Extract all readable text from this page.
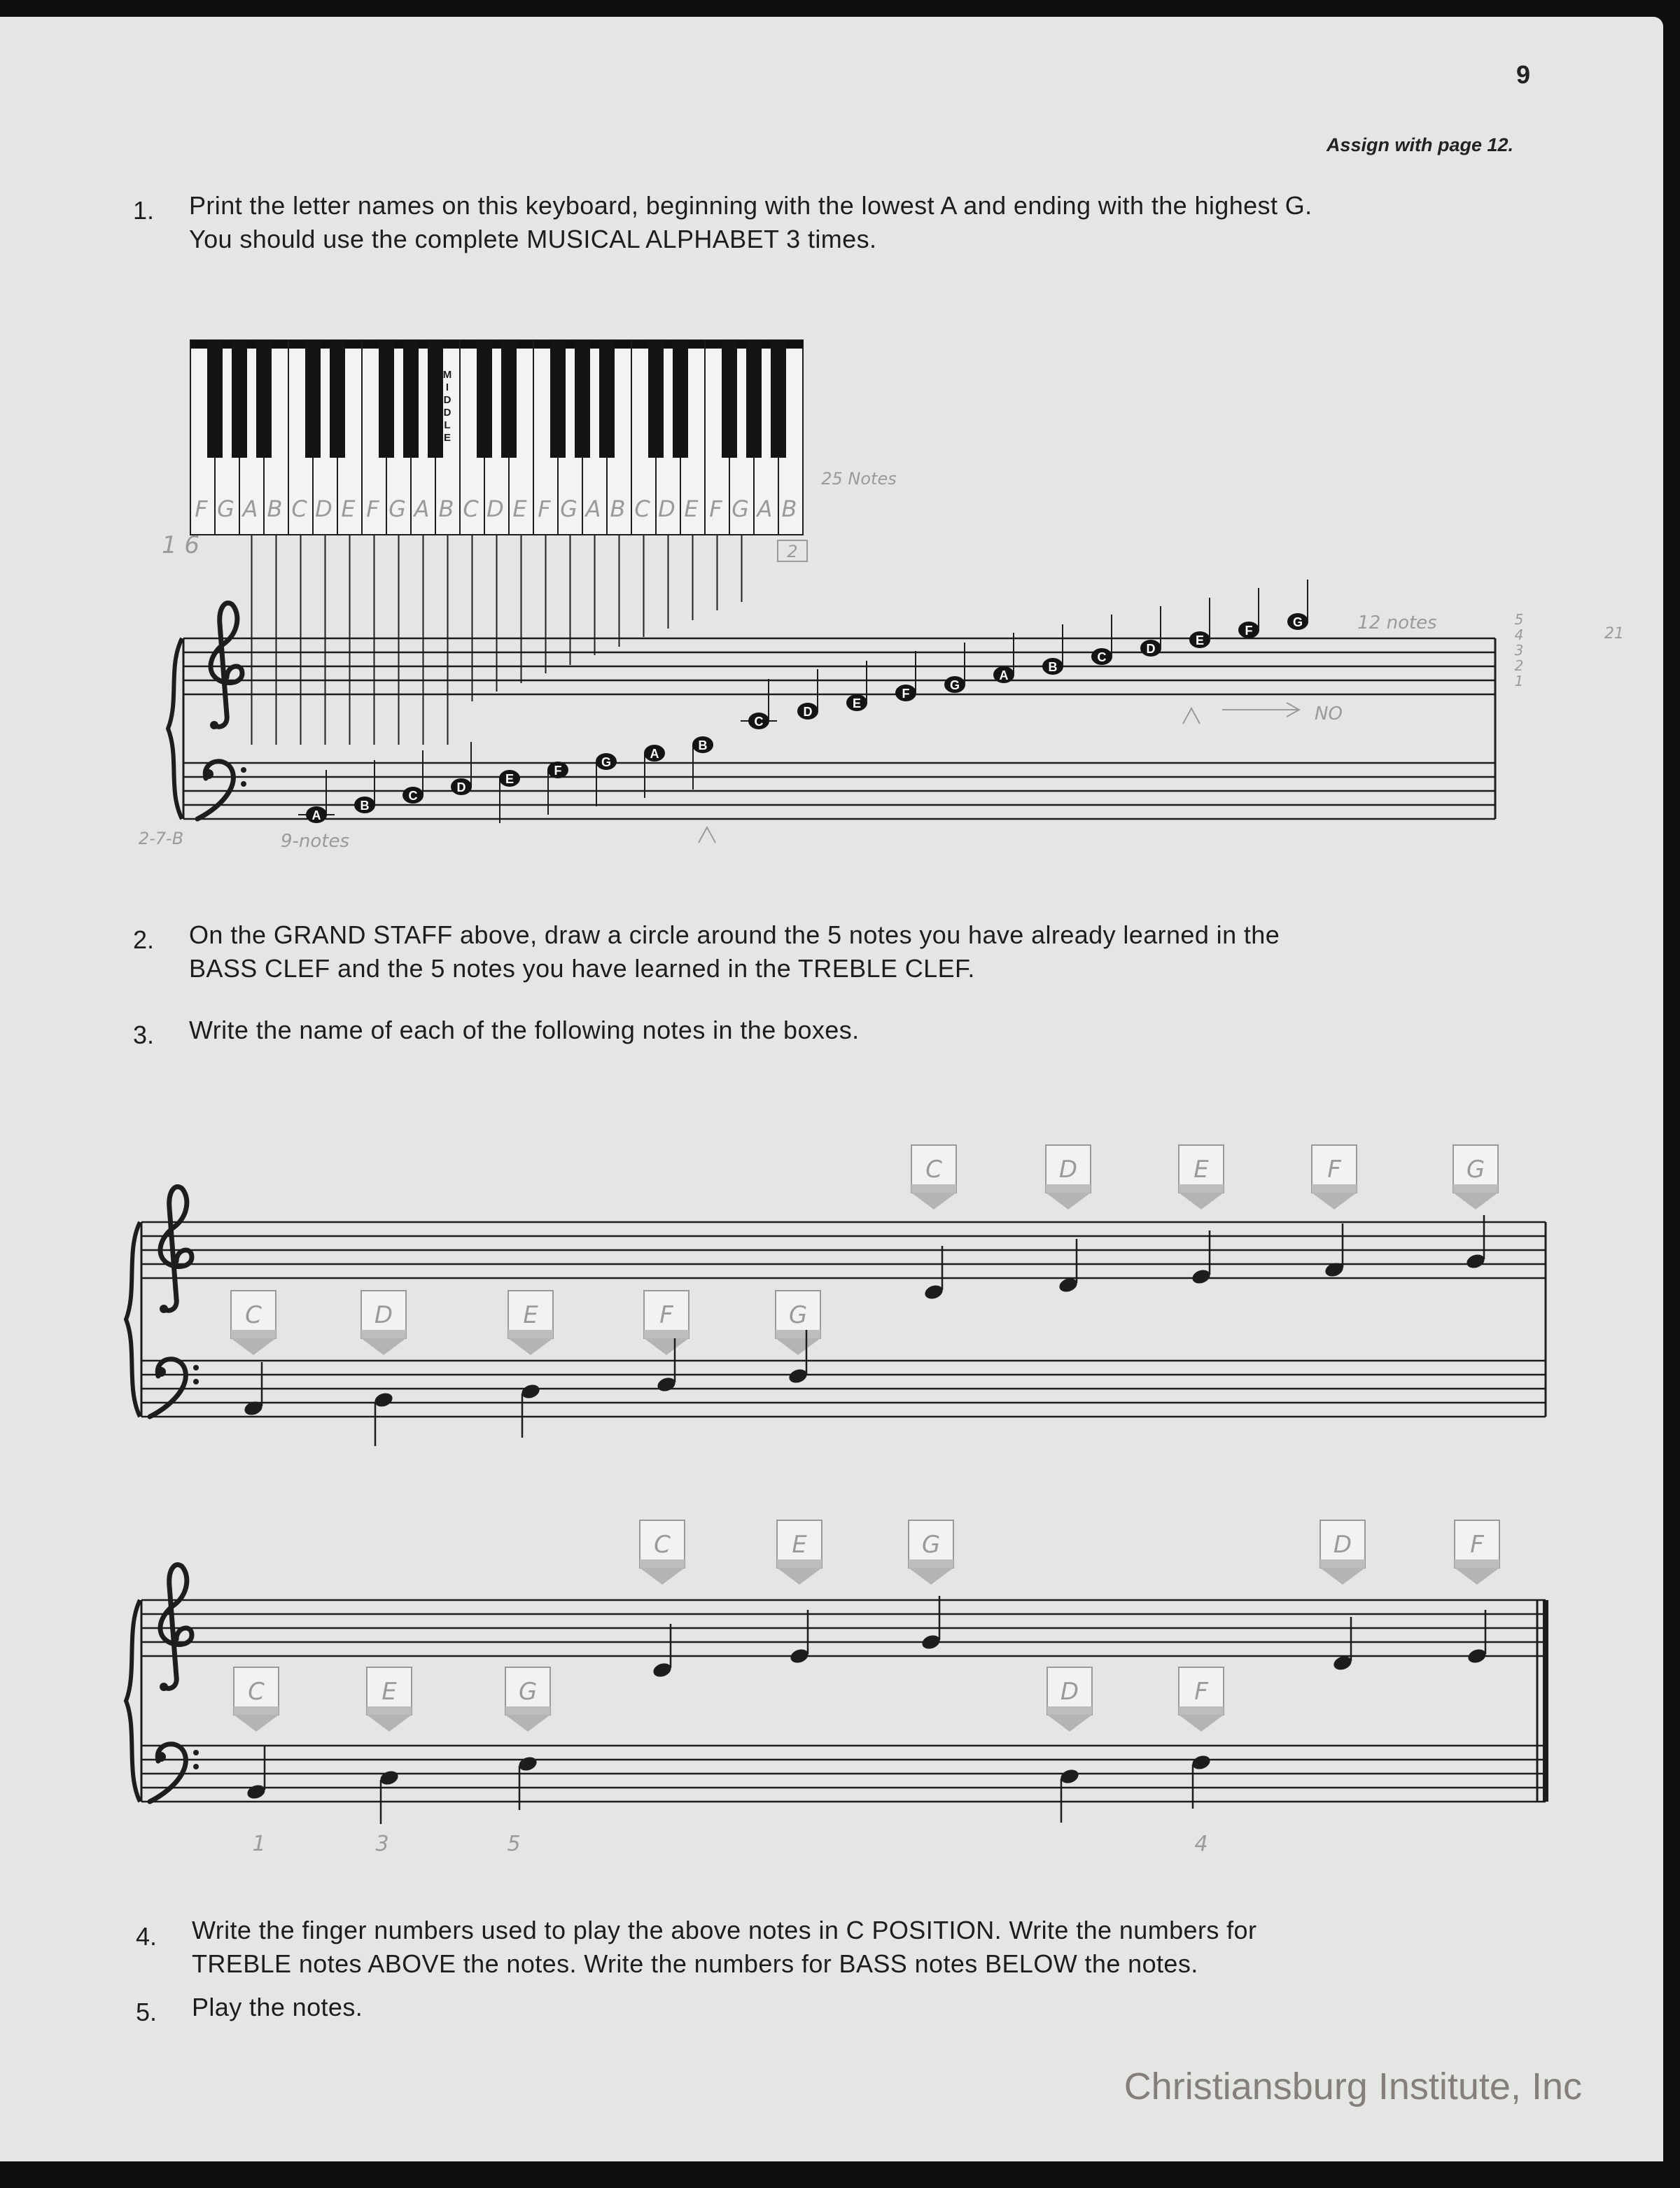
9
Assign with page 12.
1. Print the letter names on this keyboard, beginning with the lowest A and ending with the highest G.
You should use the complete MUSICAL ALPHABET 3 times.
2. On the GRAND STAFF above, draw a circle around the 5 notes you have already learned in the
BASS CLEF and the 5 notes you have learned in the TREBLE CLEF.
3. Write the name of each of the following notes in the boxes.
4. Write the finger numbers used to play the above notes in C POSITION. Write the numbers for
TREBLE notes ABOVE the notes. Write the numbers for BASS notes BELOW the notes.
5. Play the notes.
Christiansburg Institute, Inc
M
I
D
D
L
E
F G A B C D E F G A B C D E F G A B C D E F G A B
25 Notes
2
1 6
A
B
C
D
E
F
G
A
B
C
D
E
F
G
A
B
C
D
E
F
G
C	D	E	F	G
C	D	E	F	G
C	E	G	D	F
C	E	G	D	F
1	3	5	4
9-notes
12 notes
2-7-B
NO
5
4
3
2
1
21
